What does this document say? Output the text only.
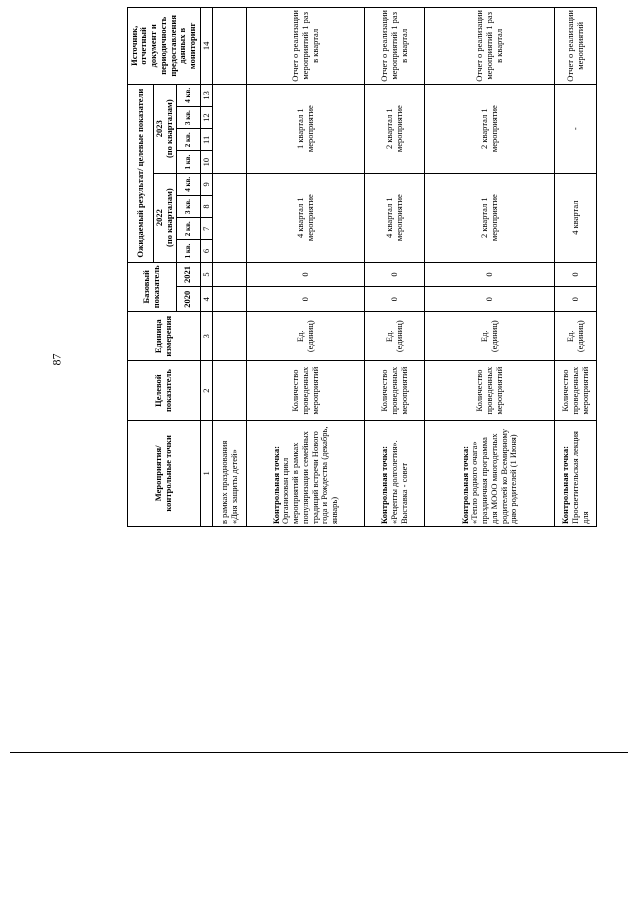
87
Мероприятия/ контрольные точки	Целевой показатель	Единица измерения	Базовый показатель		Ожидаемый результат/ целевые показатели								Источник, отчетный документ и периодичность предоставления данных в мониторинг
					2022
(по кварталам)				2023
(по кварталам)				
			2020	2021	1 кв.	2 кв.	3 кв.	4 кв.	1 кв.	2 кв.	3 кв.	4 кв.	

1	2	3	4	5	6	7	8	9	10	11	12	13	14
в рамках празднования «Дня защиты детей»													
Контрольная точка:
Организован цикл мероприятий в рамках популяризации семейных традиций встречи Нового года и Рождества (декабрь, январь)	Количество проведенных мероприятий	Ед. (единиц)	0	0	4 квартал 1 мероприятие				1 квартал 1 мероприятие				Отчет о реализации мероприятий 1 раз в квартал
Контрольная точка:
«Рецепты долголетия». Выставка - совет	Количество проведенных мероприятий	Ед. (единиц)	0	0	4 квартал 1 мероприятие				2 квартал 1 мероприятие				Отчет о реализации мероприятий 1 раз в квартал
Контрольная точка:
«Тепло родного очага» праздничная программа для МООО многодетных родителей ко Всемирному дню родителей (1 Июня)	Количество проведенных мероприятий	Ед. (единиц)	0	0	2 квартал 1 мероприятие				2 квартал 1 мероприятие				Отчет о реализации мероприятий 1 раз в квартал
Контрольная точка:
Просветительская лекция для	Количество проведенных мероприятий	Ед. (единиц)	0	0	4 квартал				-				Отчет о реализации мероприятий
